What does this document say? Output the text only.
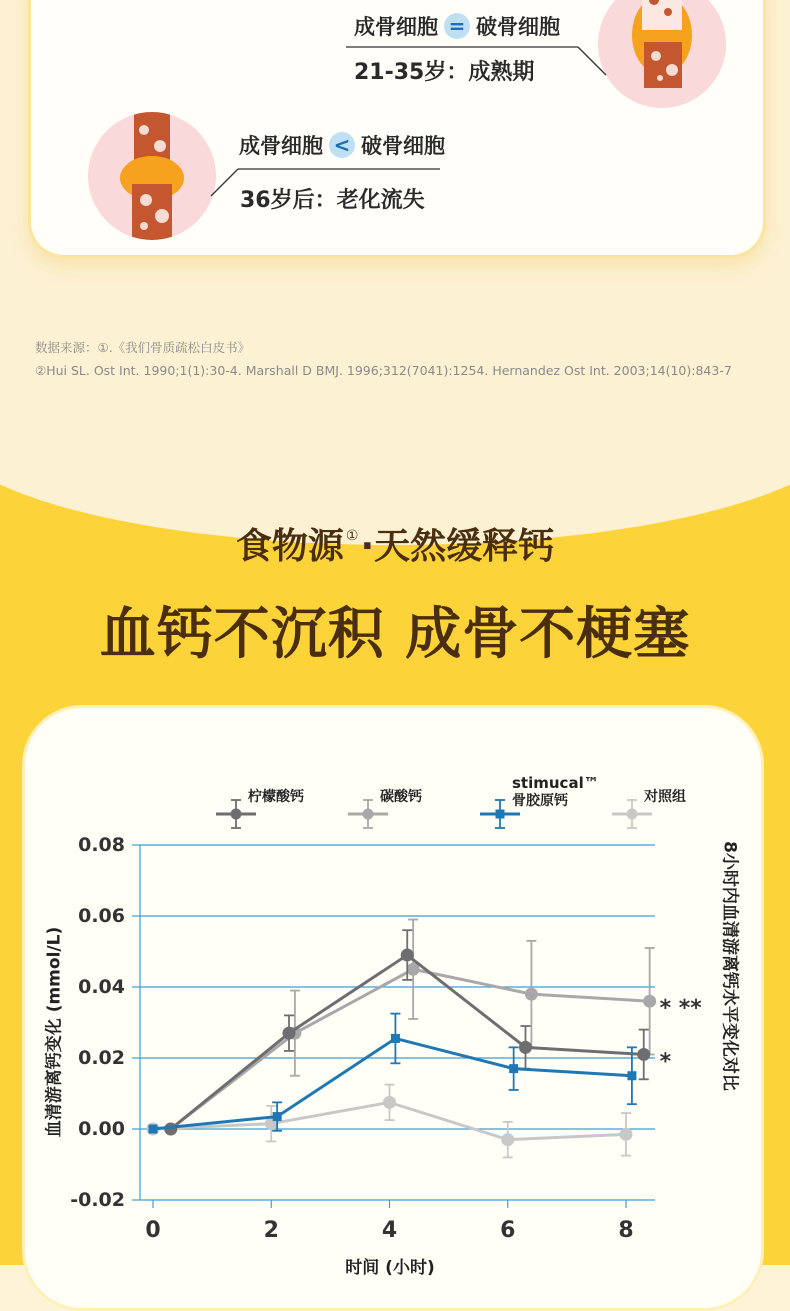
成骨细胞 = 破骨细胞
21-35岁：成熟期
成骨细胞 < 破骨细胞
36岁后：老化流失
数据来源：①.《我们骨质疏松白皮书》
②Hui SL. Ost Int. 1990;1(1):30-4. Marshall D BMJ. 1996;312(7041):1254. Hernandez Ost Int. 2003;14(10):843-7
食物源 ①·天然缓释钙
血钙不沉积 成骨不梗塞
-0.02
0.00
0.02
0.04
0.06
0.08
0	2	4	6	8
* **
*
柠檬酸钙	碳酸钙
stimucal™
骨胶原钙	对照组
血清游离钙变化 (mmol/L)	8小时内血清游离钙水平变化对比
时间 (小时)
